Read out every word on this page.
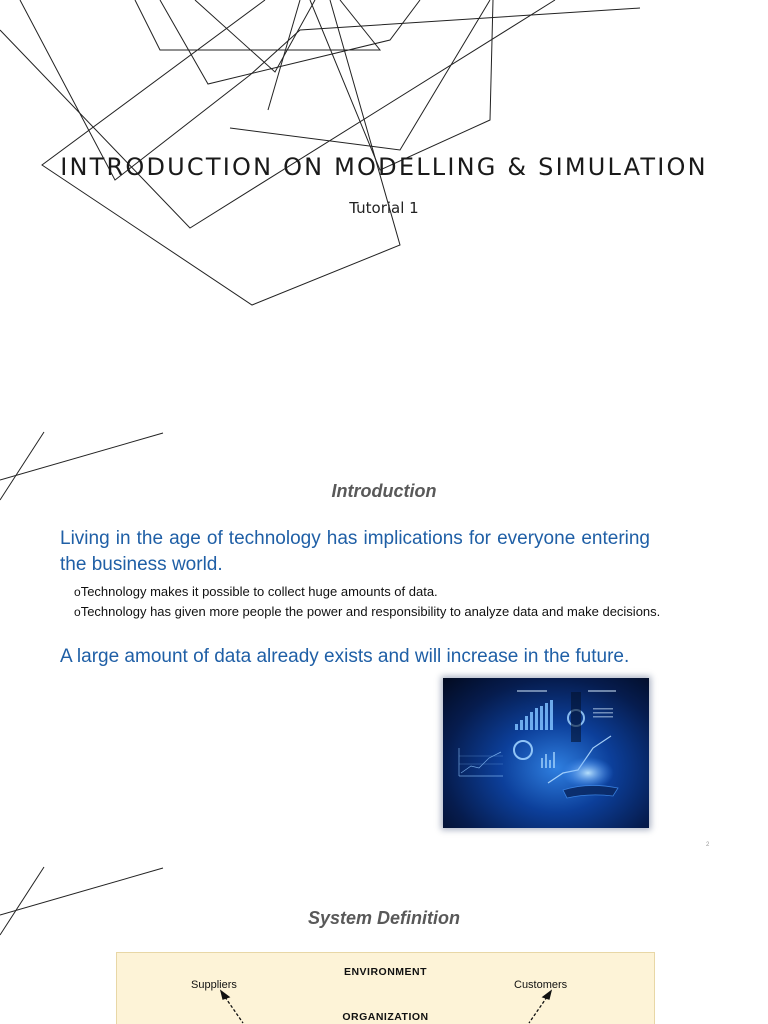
INTRODUCTION ON MODELLING & SIMULATION
Tutorial 1
Introduction
Living in the age of technology has implications for everyone entering the business world.
oTechnology makes it possible to collect huge amounts of data.
oTechnology has given more people the power and responsibility to analyze data and make decisions.
A large amount of data already exists and will increase in the future.
2
System Definition
ENVIRONMENT
Suppliers	Customers
ORGANIZATION
